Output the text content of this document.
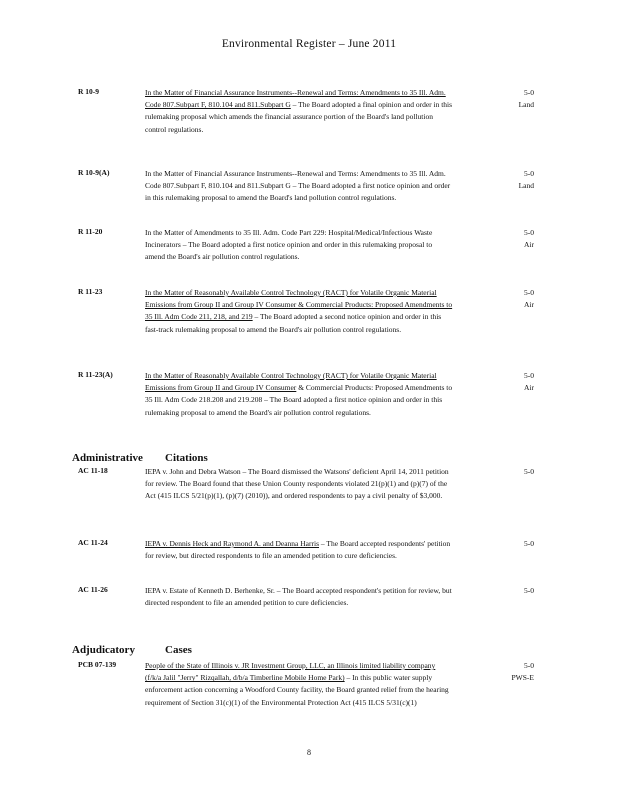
Environmental Register – June 2011
R 10-9	In the Matter of Financial Assurance Instruments--Renewal and Terms: Amendments to 35 Ill. Adm. Code 807.Subpart F, 810.104 and 811.Subpart G – The Board adopted a final opinion and order in this rulemaking proposal which amends the financial assurance portion of the Board's land pollution control regulations.
5-0
Land
R 10-9(A)	In the Matter of Financial Assurance Instruments--Renewal and Terms: Amendments to 35 Ill. Adm. Code 807.Subpart F, 810.104 and 811.Subpart G – The Board adopted a first notice opinion and order in this rulemaking proposal to amend the Board's land pollution control regulations.
5-0
Land
R 11-20	In the Matter of Amendments to 35 Ill. Adm. Code Part 229: Hospital/Medical/Infectious Waste Incinerators – The Board adopted a first notice opinion and order in this rulemaking proposal to amend the Board's air pollution control regulations.
5-0
Air
R 11-23	In the Matter of Reasonably Available Control Technology (RACT) for Volatile Organic Material Emissions from Group II and Group IV Consumer & Commercial Products: Proposed Amendments to 35 Ill. Adm Code 211, 218, and 219 – The Board adopted a second notice opinion and order in this fast-track rulemaking proposal to amend the Board's air pollution control regulations.
5-0
Air
R 11-23(A)	In the Matter of Reasonably Available Control Technology (RACT) for Volatile Organic Material Emissions from Group II and Group IV Consumer & Commercial Products: Proposed Amendments to 35 Ill. Adm Code 218.208 and 219.208 – The Board adopted a first notice opinion and order in this rulemaking proposal to amend the Board's air pollution control regulations.
5-0
Air
Administrative Citations
AC 11-18	IEPA v. John and Debra Watson – The Board dismissed the Watsons' deficient April 14, 2011 petition for review. The Board found that these Union County respondents violated 21(p)(1) and (p)(7) of the Act (415 ILCS 5/21(p)(1), (p)(7) (2010)), and ordered respondents to pay a civil penalty of $3,000.
5-0
AC 11-24	IEPA v. Dennis Heck and Raymond A. and Deanna Harris – The Board accepted respondents' petition for review, but directed respondents to file an amended petition to cure deficiencies.
5-0
AC 11-26	IEPA v. Estate of Kenneth D. Berhenke, Sr. – The Board accepted respondent's petition for review, but directed respondent to file an amended petition to cure deficiencies.
5-0
Adjudicatory	Cases
PCB 07-139	People of the State of Illinois v. JR Investment Group, LLC, an Illinois limited liability company (f/k/a Jalil "Jerry" Rizqallah, d/b/a Timberline Mobile Home Park) – In this public water supply enforcement action concerning a Woodford County facility, the Board granted relief from the hearing requirement of Section 31(c)(1) of the Environmental Protection Act (415 ILCS 5/31(c)(1)
5-0
PWS-E
8
